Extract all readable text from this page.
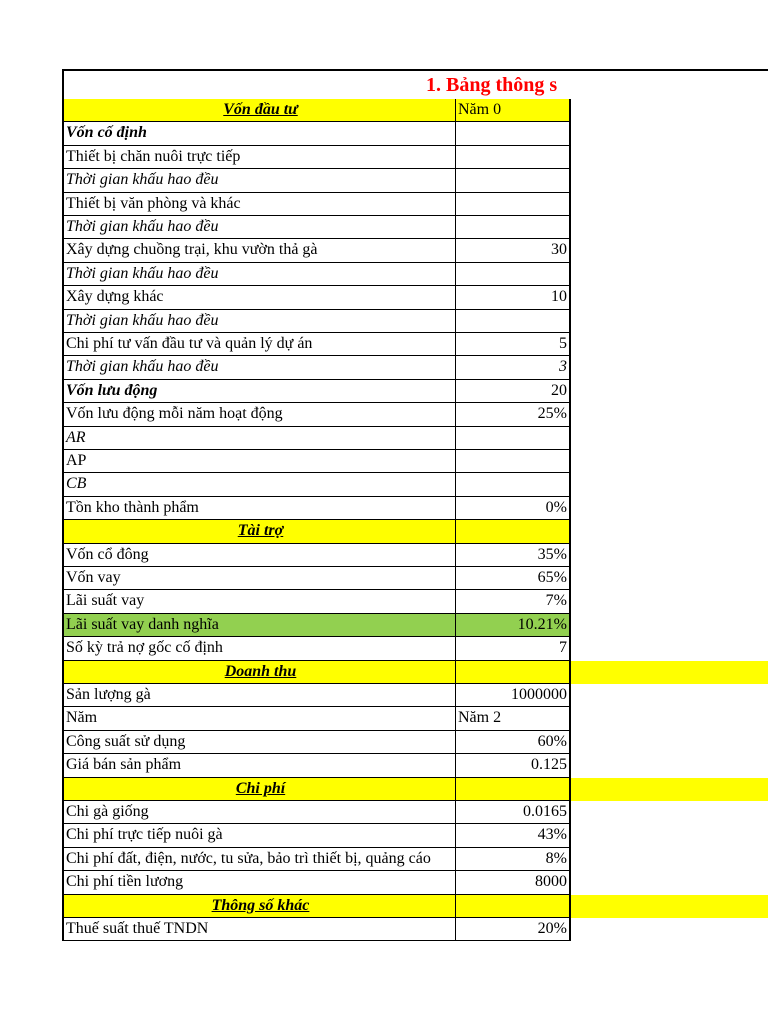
1. Bảng thông s
Vốn đầu tư	Năm 0
Vốn cố định
Thiết bị chăn nuôi trực tiếp
Thời gian khấu hao đều
Thiết bị văn phòng và khác
Thời gian khấu hao đều
Xây dựng chuồng trại, khu vườn thả gà	30
Thời gian khấu hao đều
Xây dựng khác	10
Thời gian khấu hao đều
Chi phí tư vấn đầu tư và quản lý dự án	5
Thời gian khấu hao đều	3
Vốn lưu động	20
Vốn lưu động mỗi năm hoạt động	25%
AR
AP
CB
Tồn kho thành phẩm	0%
Tài trợ
Vốn cổ đông	35%
Vốn vay	65%
Lãi suất vay	7%
Lãi suất vay danh nghĩa	10.21%
Số kỳ trả nợ gốc cố định	7
Doanh thu
Sản lượng gà	1000000
Năm	Năm 2
Công suất sử dụng	60%
Giá bán sản phẩm	0.125
Chi phí
Chi gà giống	0.0165
Chi phí trực tiếp nuôi gà	43%
Chi phí đất, điện, nước, tu sửa, bảo trì thiết bị, quảng cáo	8%
Chi phí tiền lương	8000
Thông số khác
Thuế suất thuế TNDN	20%
